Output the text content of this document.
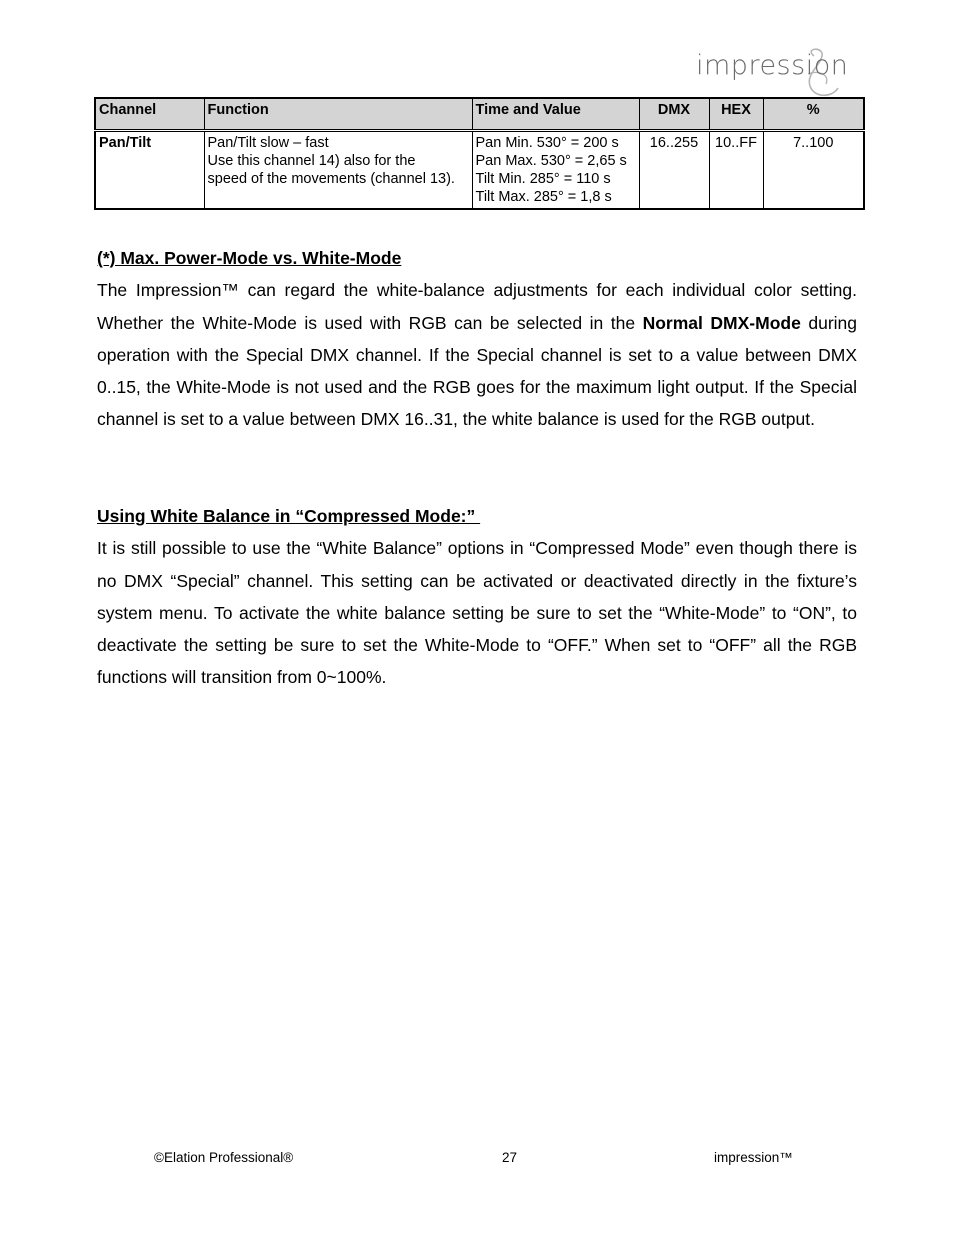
impression
Channel	Function	Time and Value	DMX	HEX	%
Pan/Tilt	Pan/Tilt slow – fast
Use this channel 14) also for the
speed of the movements (channel 13).	Pan Min. 530° = 200 s
Pan Max. 530° = 2,65 s
Tilt Min. 285° = 110 s
Tilt Max. 285° = 1,8 s	16..255	10..FF	7..100
(*) Max. Power-Mode vs. White-Mode
The Impression™ can regard the white-balance adjustments for each individual color setting. Whether the White-Mode is used with RGB can be selected in the Normal DMX-Mode during operation with the Special DMX channel. If the Special channel is set to a value between DMX 0..15, the White-Mode is not used and the RGB goes for the maximum light output. If the Special channel is set to a value between DMX 16..31, the white balance is used for the RGB output.
Using White Balance in “Compressed Mode:”
It is still possible to use the “White Balance” options in “Compressed Mode” even though there is no DMX “Special” channel. This setting can be activated or deactivated directly in the fixture’s system menu. To activate the white balance setting be sure to set the “White-Mode” to “ON”, to deactivate the setting be sure to set the White-Mode to “OFF.” When set to “OFF” all the RGB functions will transition from 0~100%.
©Elation Professional®	27	impression™
